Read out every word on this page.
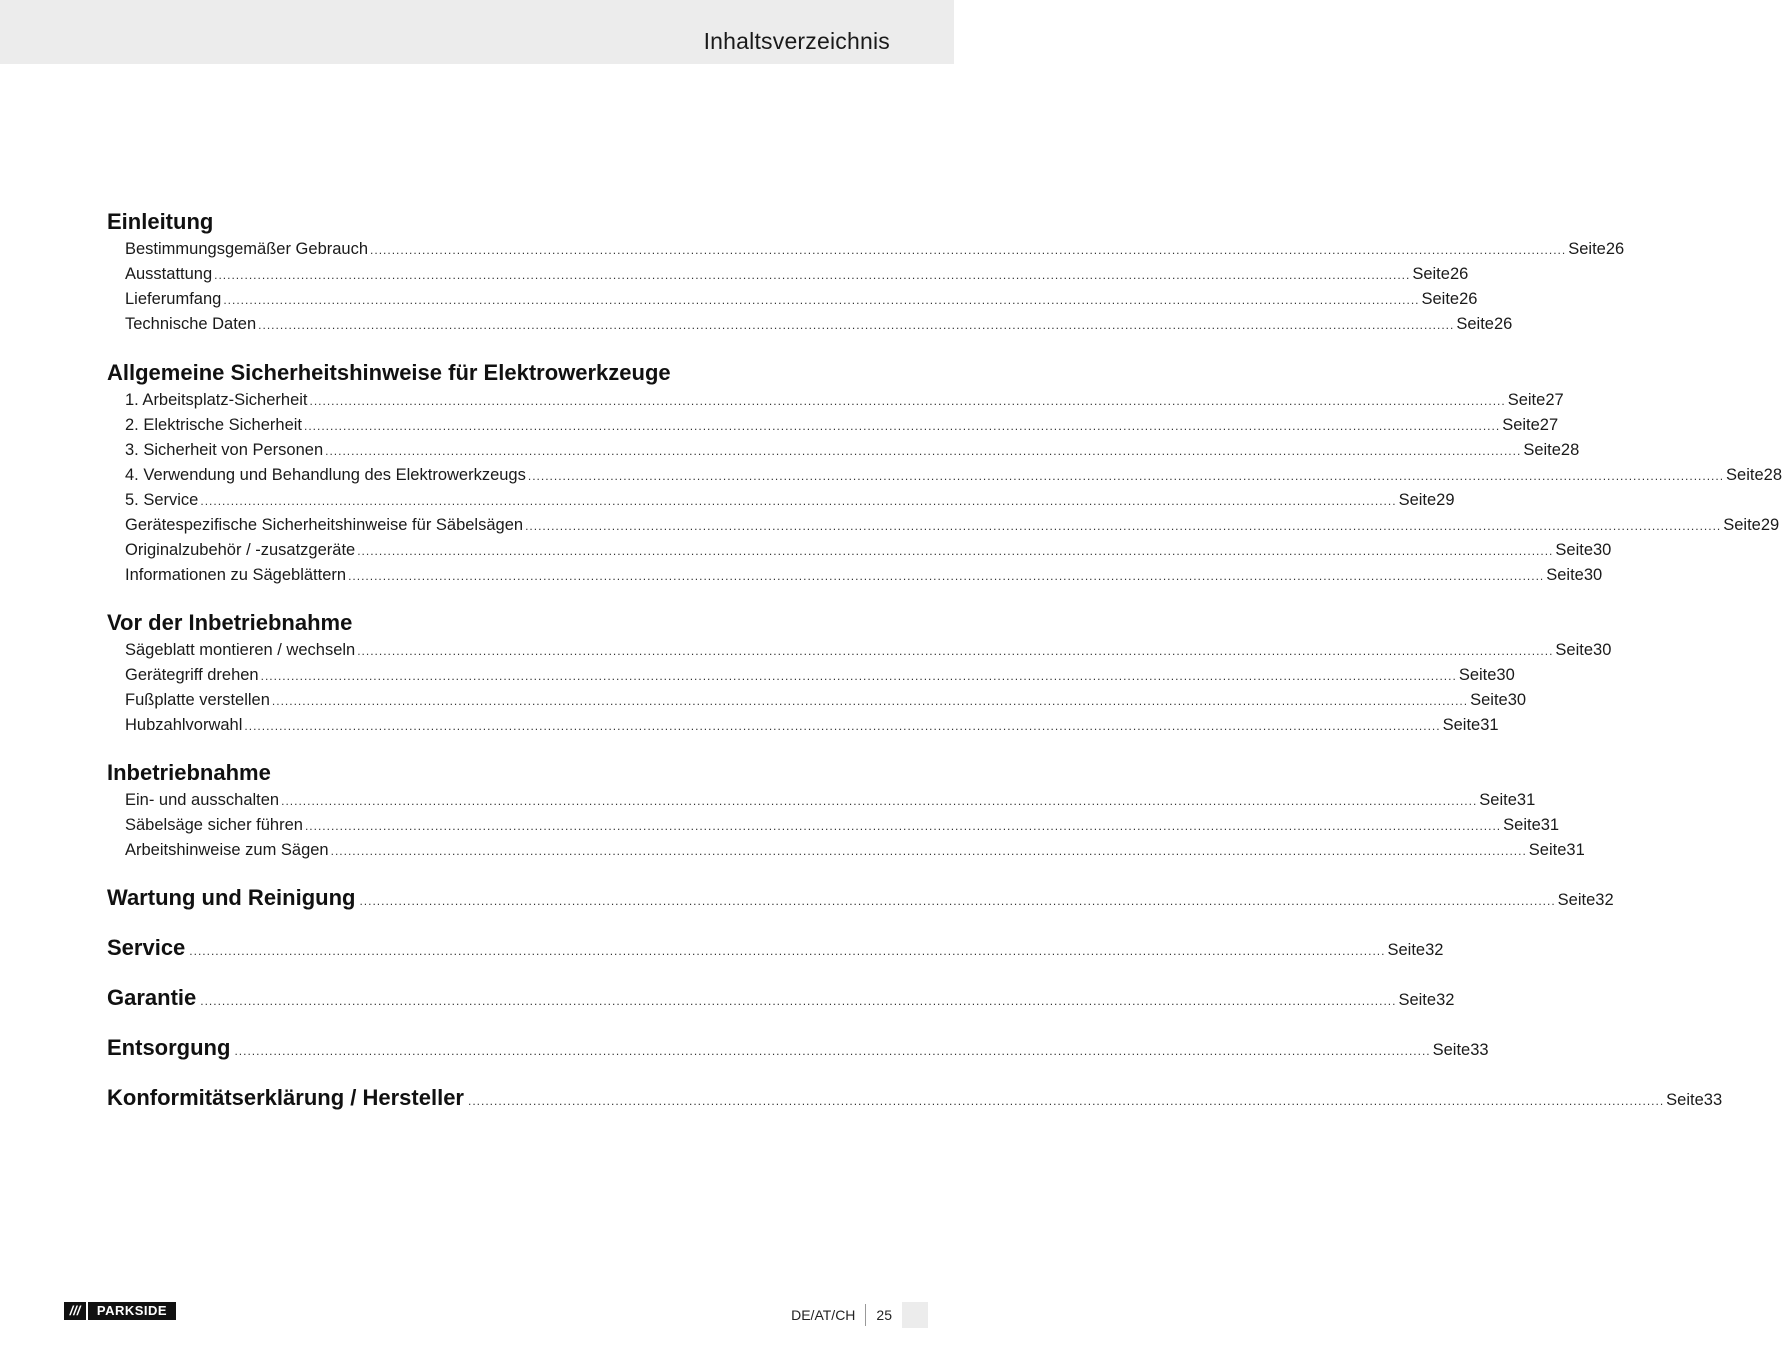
Inhaltsverzeichnis
Einleitung
Bestimmungsgemäßer Gebrauch .................................................................................................................................................................................................................................................................................... Seite 26
Ausstattung .................................................................................................................................................................................................................................................................................... Seite 26
Lieferumfang .................................................................................................................................................................................................................................................................................... Seite 26
Technische Daten .................................................................................................................................................................................................................................................................................... Seite 26
Allgemeine Sicherheitshinweise für Elektrowerkzeuge
1. Arbeitsplatz-Sicherheit .................................................................................................................................................................................................................................................................................... Seite 27
2. Elektrische Sicherheit .................................................................................................................................................................................................................................................................................... Seite 27
3. Sicherheit von Personen .................................................................................................................................................................................................................................................................................... Seite 28
4. Verwendung und Behandlung des Elektrowerkzeugs .................................................................................................................................................................................................................................................................................... Seite 28
5. Service .................................................................................................................................................................................................................................................................................... Seite 29
Gerätespezifische Sicherheitshinweise für Säbelsägen .................................................................................................................................................................................................................................................................................... Seite 29
Originalzubehör / -zusatzgeräte .................................................................................................................................................................................................................................................................................... Seite 30
Informationen zu Sägeblättern .................................................................................................................................................................................................................................................................................... Seite 30
Vor der Inbetriebnahme
Sägeblatt montieren / wechseln .................................................................................................................................................................................................................................................................................... Seite 30
Gerätegriff drehen .................................................................................................................................................................................................................................................................................... Seite 30
Fußplatte verstellen .................................................................................................................................................................................................................................................................................... Seite 30
Hubzahlvorwahl .................................................................................................................................................................................................................................................................................... Seite 31
Inbetriebnahme
Ein- und ausschalten .................................................................................................................................................................................................................................................................................... Seite 31
Säbelsäge sicher führen .................................................................................................................................................................................................................................................................................... Seite 31
Arbeitshinweise zum Sägen .................................................................................................................................................................................................................................................................................... Seite 31
Wartung und Reinigung .................................................................................................................................................................................................................................................................................... Seite 32
Service .................................................................................................................................................................................................................................................................................... Seite 32
Garantie .................................................................................................................................................................................................................................................................................... Seite 32
Entsorgung .................................................................................................................................................................................................................................................................................... Seite 33
Konformitätserklärung / Hersteller .................................................................................................................................................................................................................................................................................... Seite 33
///	PARKSIDE	DE/AT/CH	25
